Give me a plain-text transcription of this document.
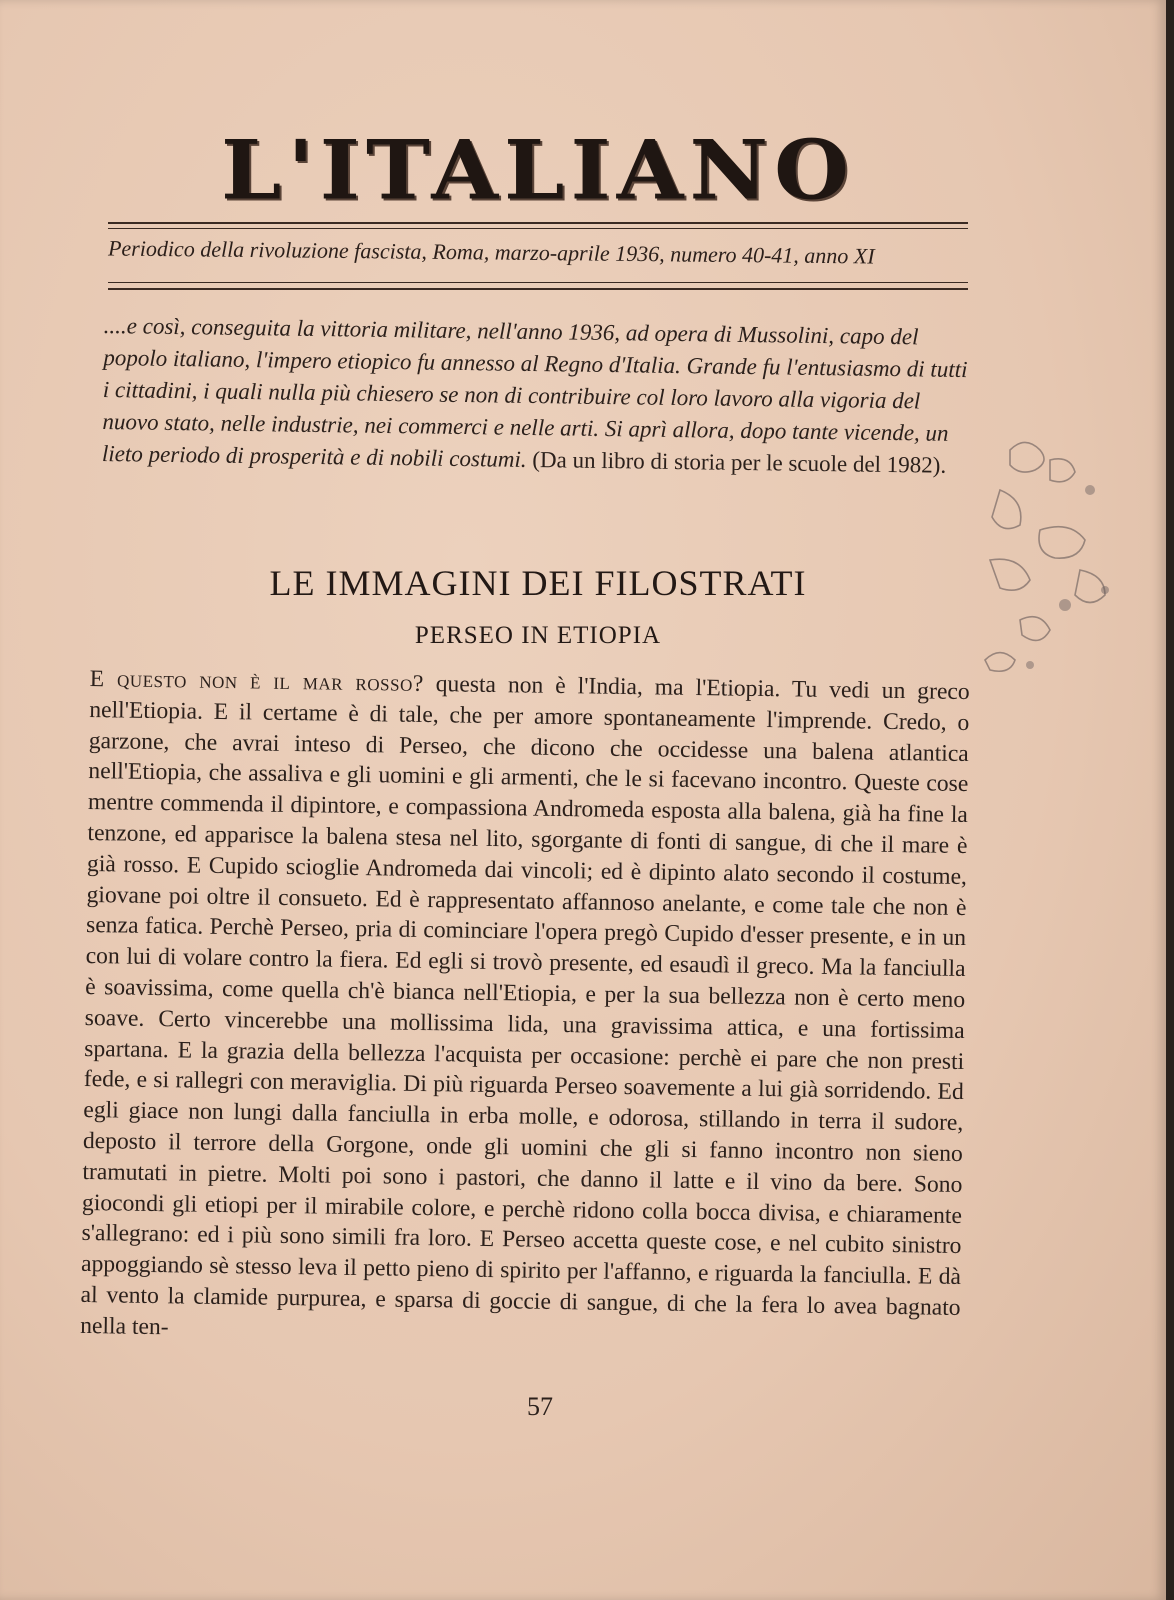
L'ITALIANO
Periodico della rivoluzione fascista, Roma, marzo-aprile 1936, numero 40-41, anno XI
....e così, conseguita la vittoria militare, nell'anno 1936, ad opera di Mussolini, capo del popolo italiano, l'impero etiopico fu annesso al Regno d'Italia. Grande fu l'entusiasmo di tutti i cittadini, i quali nulla più chiesero se non di contribuire col loro lavoro alla vigoria del nuovo stato, nelle industrie, nei commerci e nelle arti. Si aprì allora, dopo tante vicende, un lieto periodo di prosperità e di nobili costumi. (Da un libro di storia per le scuole del 1982).
LE IMMAGINI DEI FILOSTRATI
PERSEO IN ETIOPIA
E questo non è il mar rosso? questa non è l'India, ma l'Etiopia. Tu vedi un greco nell'Etiopia. E il certame è di tale, che per amore spontaneamente l'imprende. Credo, o garzone, che avrai inteso di Perseo, che dicono che occidesse una balena atlantica nell'Etiopia, che assaliva e gli uomini e gli armenti, che le si facevano incontro. Queste cose mentre commenda il dipintore, e compassiona Andromeda esposta alla balena, già ha fine la tenzone, ed apparisce la balena stesa nel lito, sgorgante di fonti di sangue, di che il mare è già rosso. E Cupido scioglie Andromeda dai vincoli; ed è dipinto alato secondo il costume, giovane poi oltre il consueto. Ed è rappresentato affannoso anelante, e come tale che non è senza fatica. Perchè Perseo, pria di cominciare l'opera pregò Cupido d'esser presente, e in un con lui di volare contro la fiera. Ed egli si trovò presente, ed esaudì il greco. Ma la fanciulla è soavissima, come quella ch'è bianca nell'Etiopia, e per la sua bellezza non è certo meno soave. Certo vincerebbe una mollissima lida, una gravissima attica, e una fortissima spartana. E la grazia della bellezza l'acquista per occasione: perchè ei pare che non presti fede, e si rallegri con meraviglia. Di più riguarda Perseo soavemente a lui già sorridendo. Ed egli giace non lungi dalla fanciulla in erba molle, e odorosa, stillando in terra il sudore, deposto il terrore della Gorgone, onde gli uomini che gli si fanno incontro non sieno tramutati in pietre. Molti poi sono i pastori, che danno il latte e il vino da bere. Sono giocondi gli etiopi per il mirabile colore, e perchè ridono colla bocca divisa, e chiaramente s'allegrano: ed i più sono simili fra loro. E Perseo accetta queste cose, e nel cubito sinistro appoggiando sè stesso leva il petto pieno di spirito per l'affanno, e riguarda la fanciulla. E dà al vento la clamide purpurea, e sparsa di goccie di sangue, di che la fera lo avea bagnato nella ten-
57
